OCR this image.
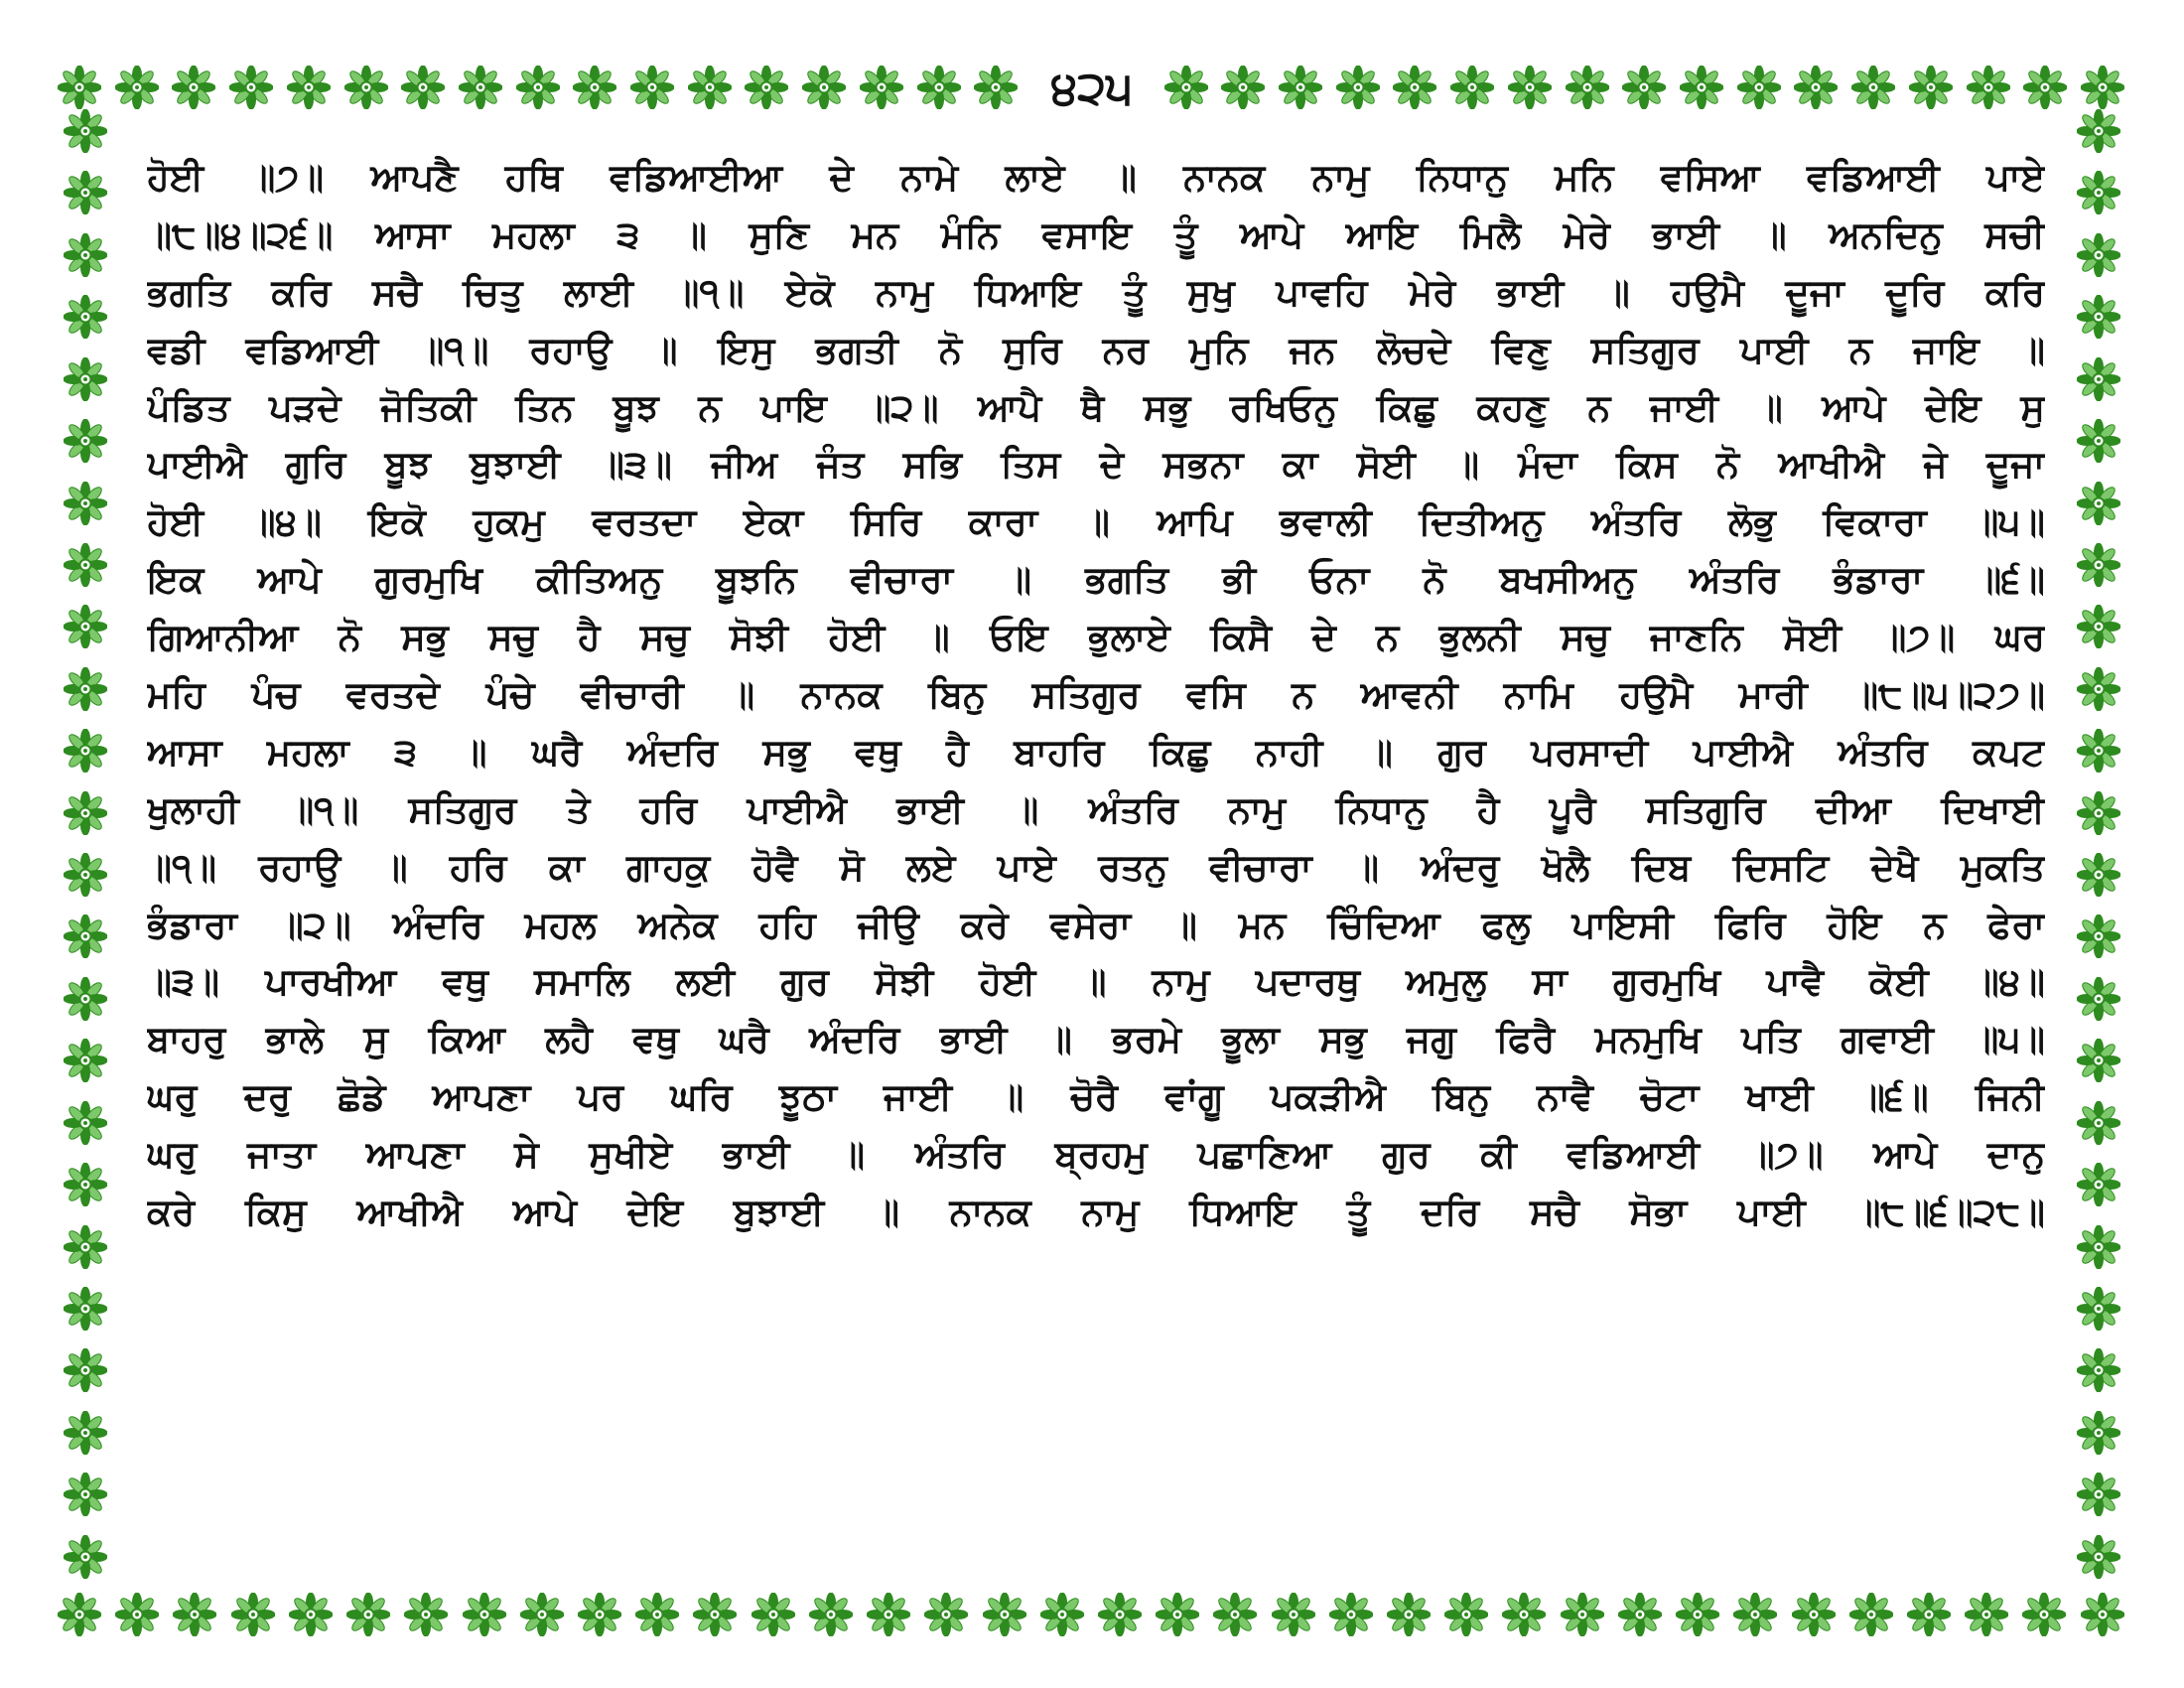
੪੨੫
ਹੋਈ ॥੭॥ ਆਪਣੈ ਹਥਿ ਵਡਿਆਈਆ ਦੇ ਨਾਮੇ ਲਾਏ ॥ ਨਾਨਕ ਨਾਮੁ ਨਿਧਾਨੁ ਮਨਿ ਵਸਿਆ ਵਡਿਆਈ ਪਾਏ
॥੮॥੪॥੨੬॥ ਆਸਾ ਮਹਲਾ ੩ ॥ ਸੁਣਿ ਮਨ ਮੰਨਿ ਵਸਾਇ ਤੂੰ ਆਪੇ ਆਇ ਮਿਲੈ ਮੇਰੇ ਭਾਈ ॥ ਅਨਦਿਨੁ ਸਚੀ
ਭਗਤਿ ਕਰਿ ਸਚੈ ਚਿਤੁ ਲਾਈ ॥੧॥ ਏਕੋ ਨਾਮੁ ਧਿਆਇ ਤੂੰ ਸੁਖੁ ਪਾਵਹਿ ਮੇਰੇ ਭਾਈ ॥ ਹਉਮੈ ਦੂਜਾ ਦੂਰਿ ਕਰਿ
ਵਡੀ ਵਡਿਆਈ ॥੧॥ ਰਹਾਉ ॥ ਇਸੁ ਭਗਤੀ ਨੋ ਸੁਰਿ ਨਰ ਮੁਨਿ ਜਨ ਲੋਚਦੇ ਵਿਣੁ ਸਤਿਗੁਰ ਪਾਈ ਨ ਜਾਇ ॥
ਪੰਡਿਤ ਪੜਦੇ ਜੋਤਿਕੀ ਤਿਨ ਬੂਝ ਨ ਪਾਇ ॥੨॥ ਆਪੈ ਥੈ ਸਭੁ ਰਖਿਓਨੁ ਕਿਛੁ ਕਹਣੁ ਨ ਜਾਈ ॥ ਆਪੇ ਦੇਇ ਸੁ
ਪਾਈਐ ਗੁਰਿ ਬੂਝ ਬੁਝਾਈ ॥੩॥ ਜੀਅ ਜੰਤ ਸਭਿ ਤਿਸ ਦੇ ਸਭਨਾ ਕਾ ਸੋਈ ॥ ਮੰਦਾ ਕਿਸ ਨੋ ਆਖੀਐ ਜੇ ਦੂਜਾ
ਹੋਈ ॥੪॥ ਇਕੋ ਹੁਕਮੁ ਵਰਤਦਾ ਏਕਾ ਸਿਰਿ ਕਾਰਾ ॥ ਆਪਿ ਭਵਾਲੀ ਦਿਤੀਅਨੁ ਅੰਤਰਿ ਲੋਭੁ ਵਿਕਾਰਾ ॥੫॥
ਇਕ ਆਪੇ ਗੁਰਮੁਖਿ ਕੀਤਿਅਨੁ ਬੂਝਨਿ ਵੀਚਾਰਾ ॥ ਭਗਤਿ ਭੀ ਓਨਾ ਨੋ ਬਖਸੀਅਨੁ ਅੰਤਰਿ ਭੰਡਾਰਾ ॥੬॥
ਗਿਆਨੀਆ ਨੋ ਸਭੁ ਸਚੁ ਹੈ ਸਚੁ ਸੋਝੀ ਹੋਈ ॥ ਓਇ ਭੁਲਾਏ ਕਿਸੈ ਦੇ ਨ ਭੁਲਨੀ ਸਚੁ ਜਾਣਨਿ ਸੋਈ ॥੭॥ ਘਰ
ਮਹਿ ਪੰਚ ਵਰਤਦੇ ਪੰਚੇ ਵੀਚਾਰੀ ॥ ਨਾਨਕ ਬਿਨੁ ਸਤਿਗੁਰ ਵਸਿ ਨ ਆਵਨੀ ਨਾਮਿ ਹਉਮੈ ਮਾਰੀ ॥੮॥੫॥੨੭॥
ਆਸਾ ਮਹਲਾ ੩ ॥ ਘਰੈ ਅੰਦਰਿ ਸਭੁ ਵਥੁ ਹੈ ਬਾਹਰਿ ਕਿਛੁ ਨਾਹੀ ॥ ਗੁਰ ਪਰਸਾਦੀ ਪਾਈਐ ਅੰਤਰਿ ਕਪਟ
ਖੁਲਾਹੀ ॥੧॥ ਸਤਿਗੁਰ ਤੇ ਹਰਿ ਪਾਈਐ ਭਾਈ ॥ ਅੰਤਰਿ ਨਾਮੁ ਨਿਧਾਨੁ ਹੈ ਪੂਰੈ ਸਤਿਗੁਰਿ ਦੀਆ ਦਿਖਾਈ
॥੧॥ ਰਹਾਉ ॥ ਹਰਿ ਕਾ ਗਾਹਕੁ ਹੋਵੈ ਸੋ ਲਏ ਪਾਏ ਰਤਨੁ ਵੀਚਾਰਾ ॥ ਅੰਦਰੁ ਖੋਲੈ ਦਿਬ ਦਿਸਟਿ ਦੇਖੈ ਮੁਕਤਿ
ਭੰਡਾਰਾ ॥੨॥ ਅੰਦਰਿ ਮਹਲ ਅਨੇਕ ਹਹਿ ਜੀਉ ਕਰੇ ਵਸੇਰਾ ॥ ਮਨ ਚਿੰਦਿਆ ਫਲੁ ਪਾਇਸੀ ਫਿਰਿ ਹੋਇ ਨ ਫੇਰਾ
॥੩॥ ਪਾਰਖੀਆ ਵਥੁ ਸਮਾਲਿ ਲਈ ਗੁਰ ਸੋਝੀ ਹੋਈ ॥ ਨਾਮੁ ਪਦਾਰਥੁ ਅਮੁਲੁ ਸਾ ਗੁਰਮੁਖਿ ਪਾਵੈ ਕੋਈ ॥੪॥
ਬਾਹਰੁ ਭਾਲੇ ਸੁ ਕਿਆ ਲਹੈ ਵਥੁ ਘਰੈ ਅੰਦਰਿ ਭਾਈ ॥ ਭਰਮੇ ਭੂਲਾ ਸਭੁ ਜਗੁ ਫਿਰੈ ਮਨਮੁਖਿ ਪਤਿ ਗਵਾਈ ॥੫॥
ਘਰੁ ਦਰੁ ਛੋਡੇ ਆਪਣਾ ਪਰ ਘਰਿ ਝੂਠਾ ਜਾਈ ॥ ਚੋਰੈ ਵਾਂਗੂ ਪਕੜੀਐ ਬਿਨੁ ਨਾਵੈ ਚੋਟਾ ਖਾਈ ॥੬॥ ਜਿਨੀ
ਘਰੁ ਜਾਤਾ ਆਪਣਾ ਸੇ ਸੁਖੀਏ ਭਾਈ ॥ ਅੰਤਰਿ ਬ੍ਰਹਮੁ ਪਛਾਣਿਆ ਗੁਰ ਕੀ ਵਡਿਆਈ ॥੭॥ ਆਪੇ ਦਾਨੁ
ਕਰੇ ਕਿਸੁ ਆਖੀਐ ਆਪੇ ਦੇਇ ਬੁਝਾਈ ॥ ਨਾਨਕ ਨਾਮੁ ਧਿਆਇ ਤੂੰ ਦਰਿ ਸਚੈ ਸੋਭਾ ਪਾਈ ॥੮॥੬॥੨੮॥
